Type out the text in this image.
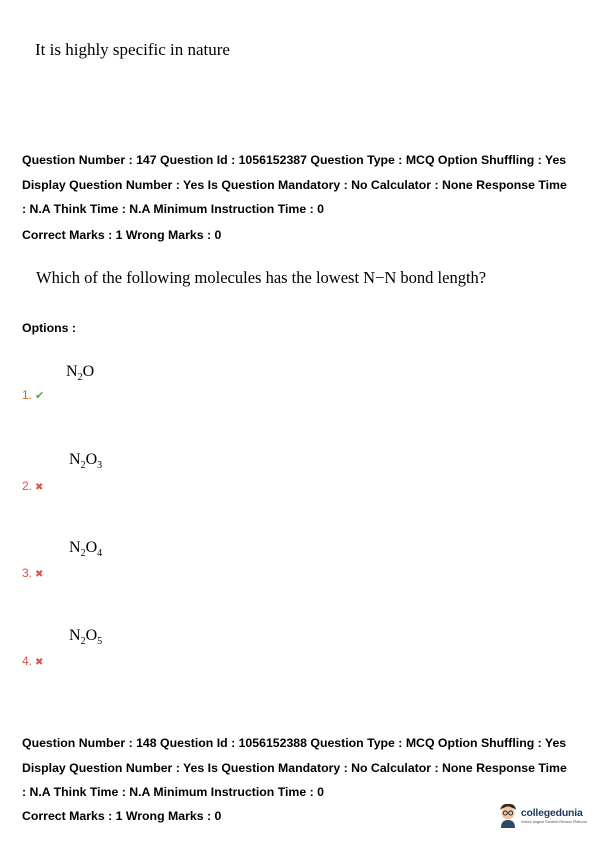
It is highly specific in nature
Question Number : 147 Question Id : 1056152387 Question Type : MCQ Option Shuffling : Yes
Display Question Number : Yes Is Question Mandatory : No Calculator : None Response Time
: N.A Think Time : N.A Minimum Instruction Time : 0
Correct Marks : 1 Wrong Marks : 0
Which of the following molecules has the lowest N−N bond length?
Options :
$N_2O$
1. ✔
$N_2O_3$
2. ✖
$N_2O_4$
3. ✖
$N_2O_5$
4. ✖
Question Number : 148 Question Id : 1056152388 Question Type : MCQ Option Shuffling : Yes
Display Question Number : Yes Is Question Mandatory : No Calculator : None Response Time
: N.A Think Time : N.A Minimum Instruction Time : 0
Correct Marks : 1 Wrong Marks : 0	collegedunia
India's largest Student Review Platform
